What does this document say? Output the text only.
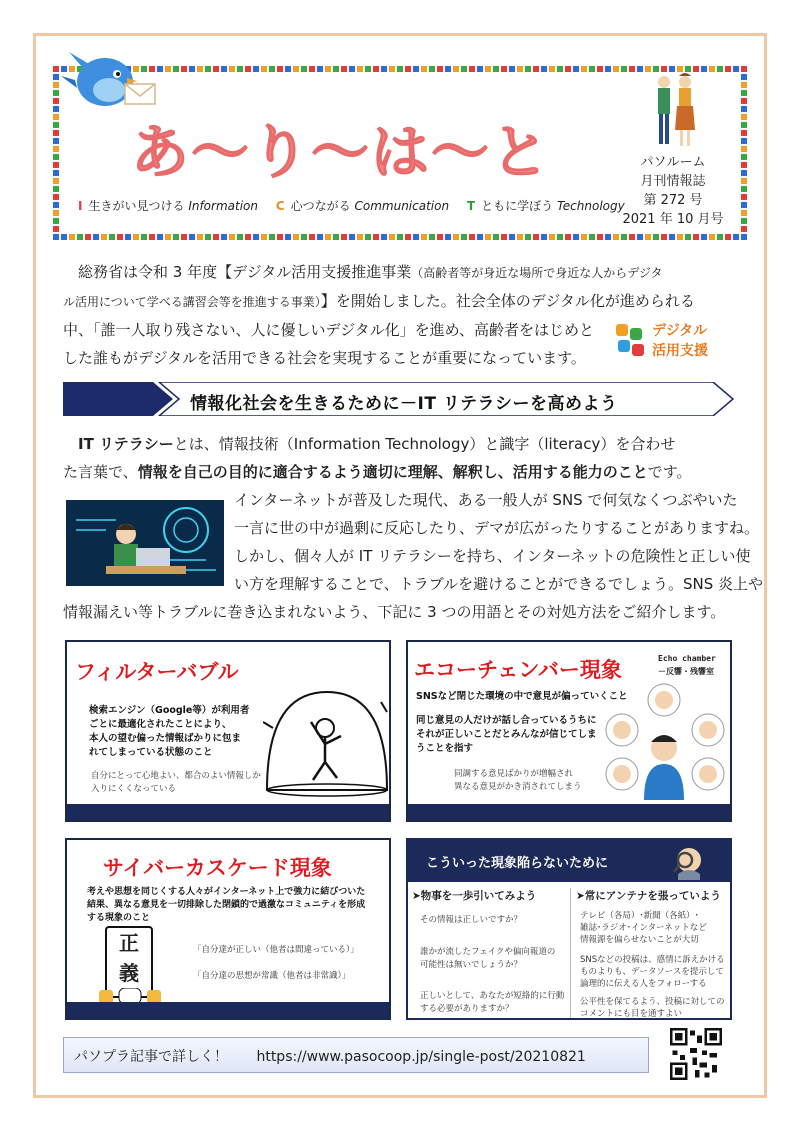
あ〜り〜は〜と
I 生きがい見つける Information C 心つながる Communication T ともに学ぼう Technology
パソルーム
月刊情報誌
第 272 号
2021 年 10 月号
　総務省は令和 3 年度【デジタル活用支援推進事業（高齢者等が身近な場所で身近な人からデジタ
ル活用について学べる講習会等を推進する事業）】を開始しました。社会全体のデジタル化が進められる
中、「誰一人取り残さない、人に優しいデジタル化」を進め、高齢者をはじめと
した誰もがデジタルを活用できる社会を実現することが重要になっています。
デジタル
活用支援
情報化社会を生きるために－IT リテラシーを高めよう
　IT リテラシーとは、情報技術（Information Technology）と識字（literacy）を合わせ
た言葉で、情報を自己の目的に適合するよう適切に理解、解釈し、活用する能力のことです。
インターネットが普及した現代、ある一般人が SNS で何気なくつぶやいた
一言に世の中が過剰に反応したり、デマが広がったりすることがありますね。
しかし、個々人が IT リテラシーを持ち、インターネットの危険性と正しい使
い方を理解することで、トラブルを避けることができるでしょう。SNS 炎上や
情報漏えい等トラブルに巻き込まれないよう、下記に 3 つの用語とその対処方法をご紹介します。
フィルターバブル
検索エンジン（Google等）が利用者
ごとに最適化されたことにより、
本人の望む偏った情報ばかりに包ま
れてしまっている状態のこと
自分にとって心地よい、都合のよい情報しか
入りにくくなっている
エコーチェンバー現象	Echo chamber
－反響・残響室
SNSなど閉じた環境の中で意見が偏っていくこと
同じ意見の人だけが話し合っているうちに
それが正しいことだとみんなが信じてしま
うことを指す
同調する意見ばかりが増幅され
異なる意見がかき消されてしまう
サイバーカスケード現象
考えや思想を同じくする人々がインターネット上で強力に結びついた
結果、異なる意見を一切排除した閉鎖的で過激なコミュニティを形成
する現象のこと
「自分達が正しい（他者は間違っている）」
「自分達の思想が常識（他者は非常識）」
正
義
こういった現象陥らないために
➤物事を一歩引いてみよう	➤常にアンテナを張っていよう
その情報は正しいですか？
誰かが流したフェイクや偏向報道の
可能性は無いでしょうか？
正しいとして、あなたが短絡的に行動
する必要がありますか？
テレビ（各局）･新聞（各紙）･
雑誌･ラジオ･インターネットなど
情報源を偏らせないことが大切
SNSなどの投稿は、感情に訴えかける
ものよりも、データソースを提示して
論理的に伝える人をフォローする
公平性を保てるよう、投稿に対しての
コメントにも目を通すよい
パソプラ記事で詳しく！ https://www.pasocoop.jp/single-post/20210821
